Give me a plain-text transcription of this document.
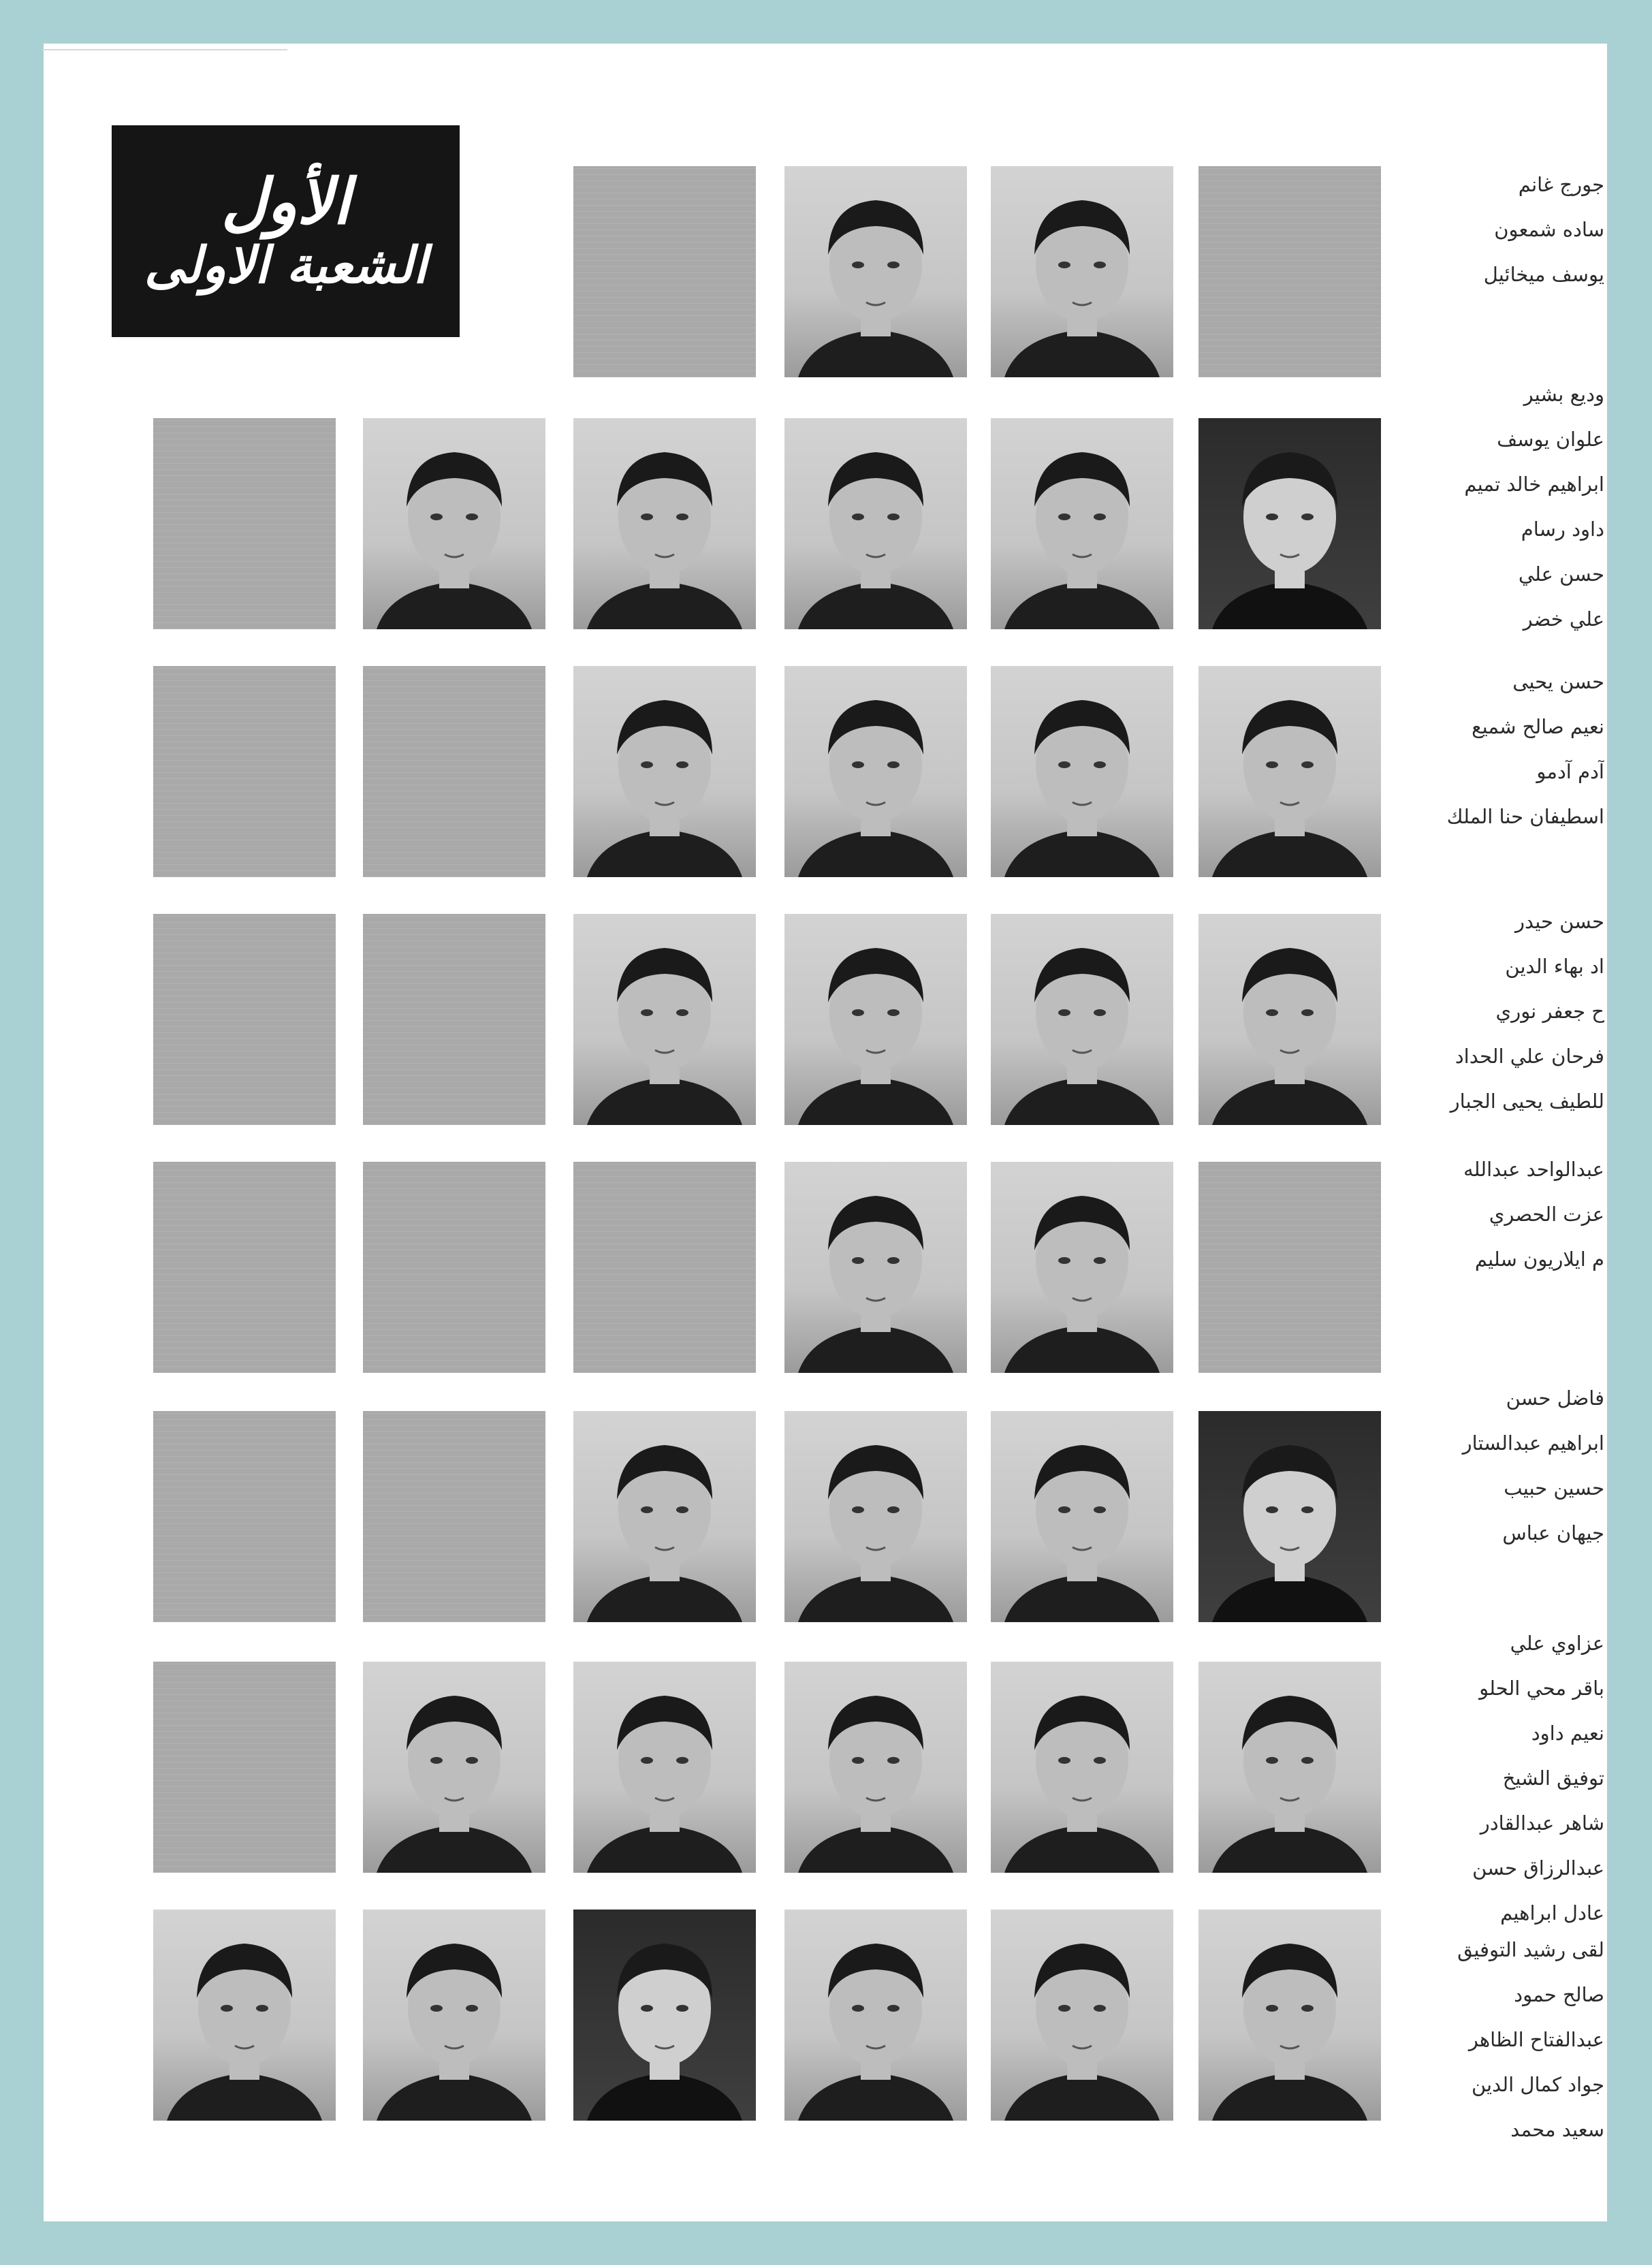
الأول
الشعبة الاولى
جورج غانم
ساده شمعون
يوسف ميخائيل
وديع بشير
علوان يوسف
ابراهيم خالد تميم
داود رسام
حسن علي
علي خضر
حسن يحيى
نعيم صالح شميع
آدم آدمو
اسطيفان حنا الملك
حسن حيدر
اد بهاء الدين
ح جعفر نوري
فرحان علي الحداد
للطيف يحيى الجبار
عبدالواحد عبدالله
عزت الحصري
م ايلاريون سليم
فاضل حسن
ابراهيم عبدالستار
حسين حبيب
جيهان عباس
عزاوي علي
باقر محي الحلو
نعيم داود
توفيق الشيخ
شاهر عبدالقادر
عبدالرزاق حسن
عادل ابراهيم
لقى رشيد التوفيق
صالح حمود
عبدالفتاح الظاهر
جواد كمال الدين
سعيد محمد
